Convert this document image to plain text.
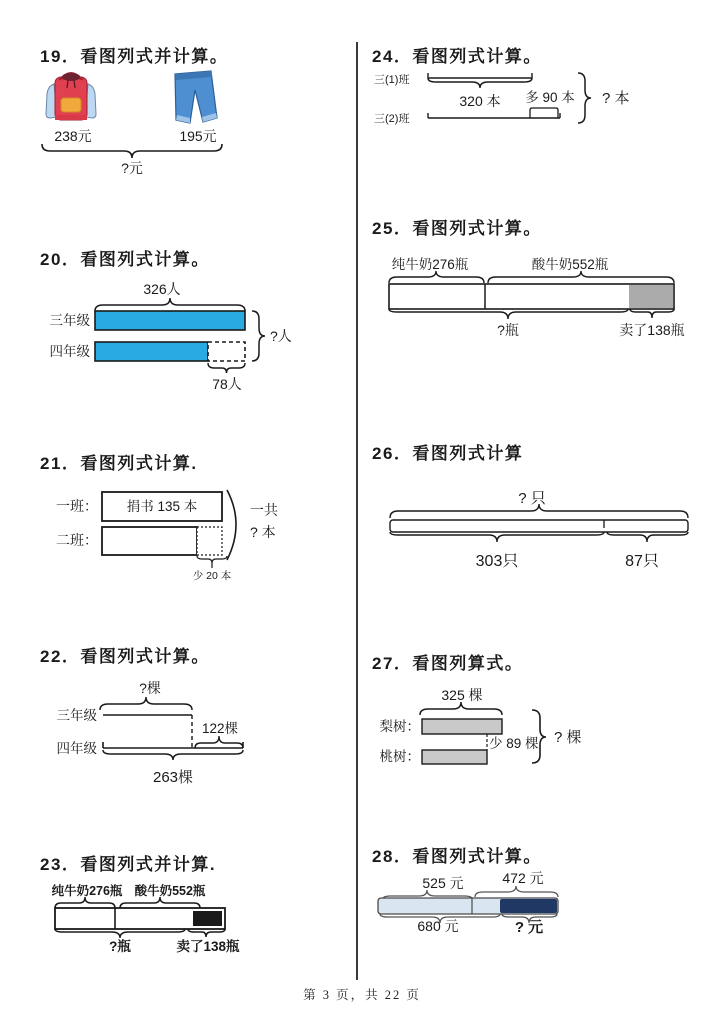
19．看图列式并计算。
238元	195元
?元
20．看图列式计算。
326人
三年级
四年级
?人
78人
21．看图列式计算.
一班： 捐书 135 本
二班：
一共
? 本
少 20 本
22．看图列式计算。
?棵
三年级
122棵
四年级
263棵
23．看图列式并计算.
纯牛奶276瓶 酸牛奶552瓶
?瓶	卖了138瓶
24．看图列式计算。
三(1)班
320 本 多 90 本
三(2)班
? 本
25．看图列式计算。
纯牛奶276瓶	酸牛奶552瓶
?瓶	卖了138瓶
26．看图列式计算
? 只
303只	87只
27．看图列算式。
325 棵
梨树：
少 89 棵
桃树：
? 棵
28．看图列式计算。
525 元	472 元
680 元	? 元
第 3 页，共 22 页
